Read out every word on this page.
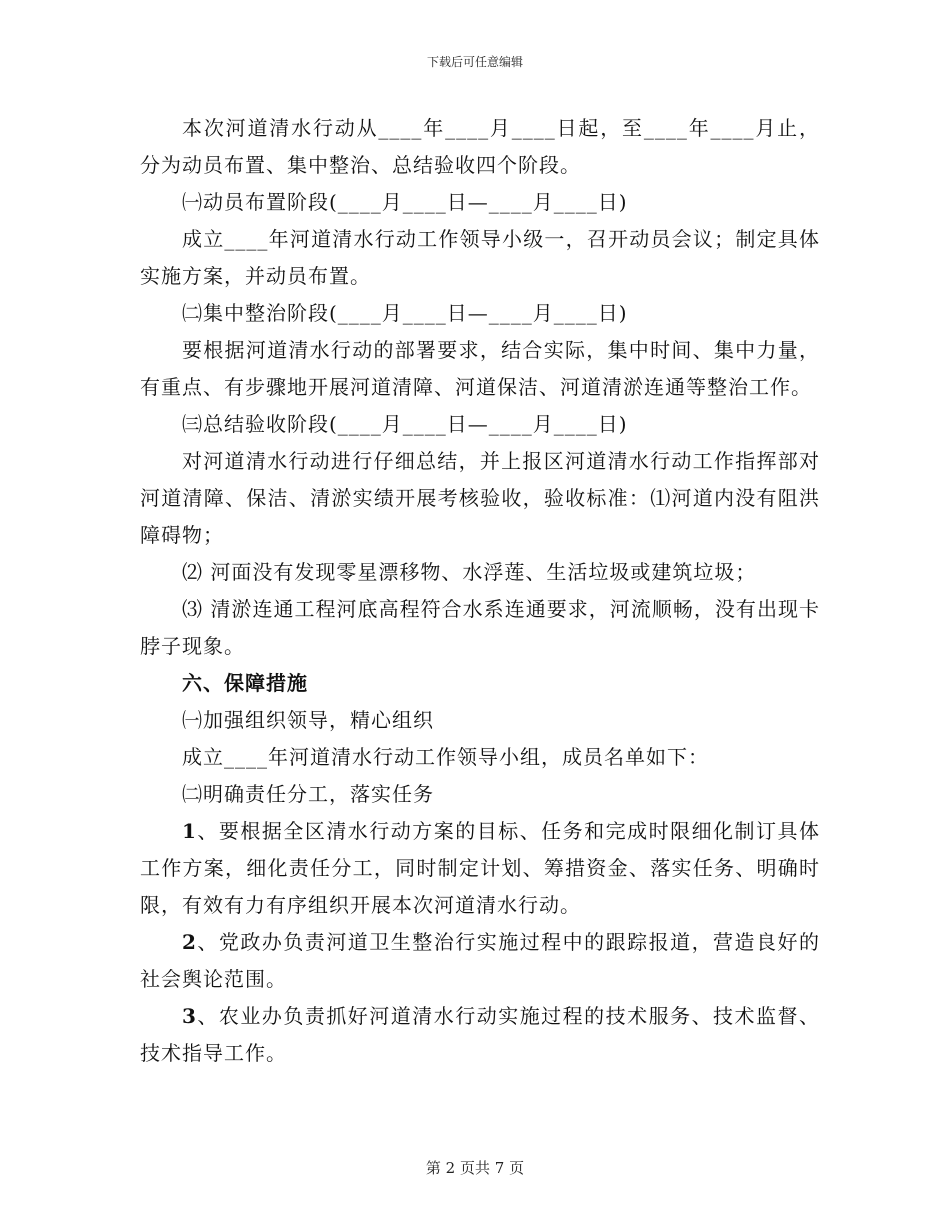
下载后可任意编辑

本次河道清水行动从____年____月____日起，至____年____月止，分为动员布置、集中整治、总结验收四个阶段。

㈠动员布置阶段(____月____日—____月____日)

成立____年河道清水行动工作领导小级一，召开动员会议；制定具体实施方案，并动员布置。

㈡集中整治阶段(____月____日—____月____日)

要根据河道清水行动的部署要求，结合实际，集中时间、集中力量，有重点、有步骤地开展河道清障、河道保洁、河道清淤连通等整治工作。

㈢总结验收阶段(____月____日—____月____日)

对河道清水行动进行仔细总结，并上报区河道清水行动工作指挥部对河道清障、保洁、清淤实绩开展考核验收，验收标准：⑴河道内没有阻洪障碍物；

⑵ 河面没有发现零星漂移物、水浮莲、生活垃圾或建筑垃圾；

⑶ 清淤连通工程河底高程符合水系连通要求，河流顺畅，没有出现卡脖子现象。

六、保障措施

㈠加强组织领导，精心组织

成立____年河道清水行动工作领导小组，成员名单如下：

㈡明确责任分工，落实任务

1、要根据全区清水行动方案的目标、任务和完成时限细化制订具体工作方案，细化责任分工，同时制定计划、筹措资金、落实任务、明确时限，有效有力有序组织开展本次河道清水行动。

2、党政办负责河道卫生整治行实施过程中的跟踪报道，营造良好的社会舆论范围。

3、农业办负责抓好河道清水行动实施过程的技术服务、技术监督、技术指导工作。

第 2 页共 7 页
